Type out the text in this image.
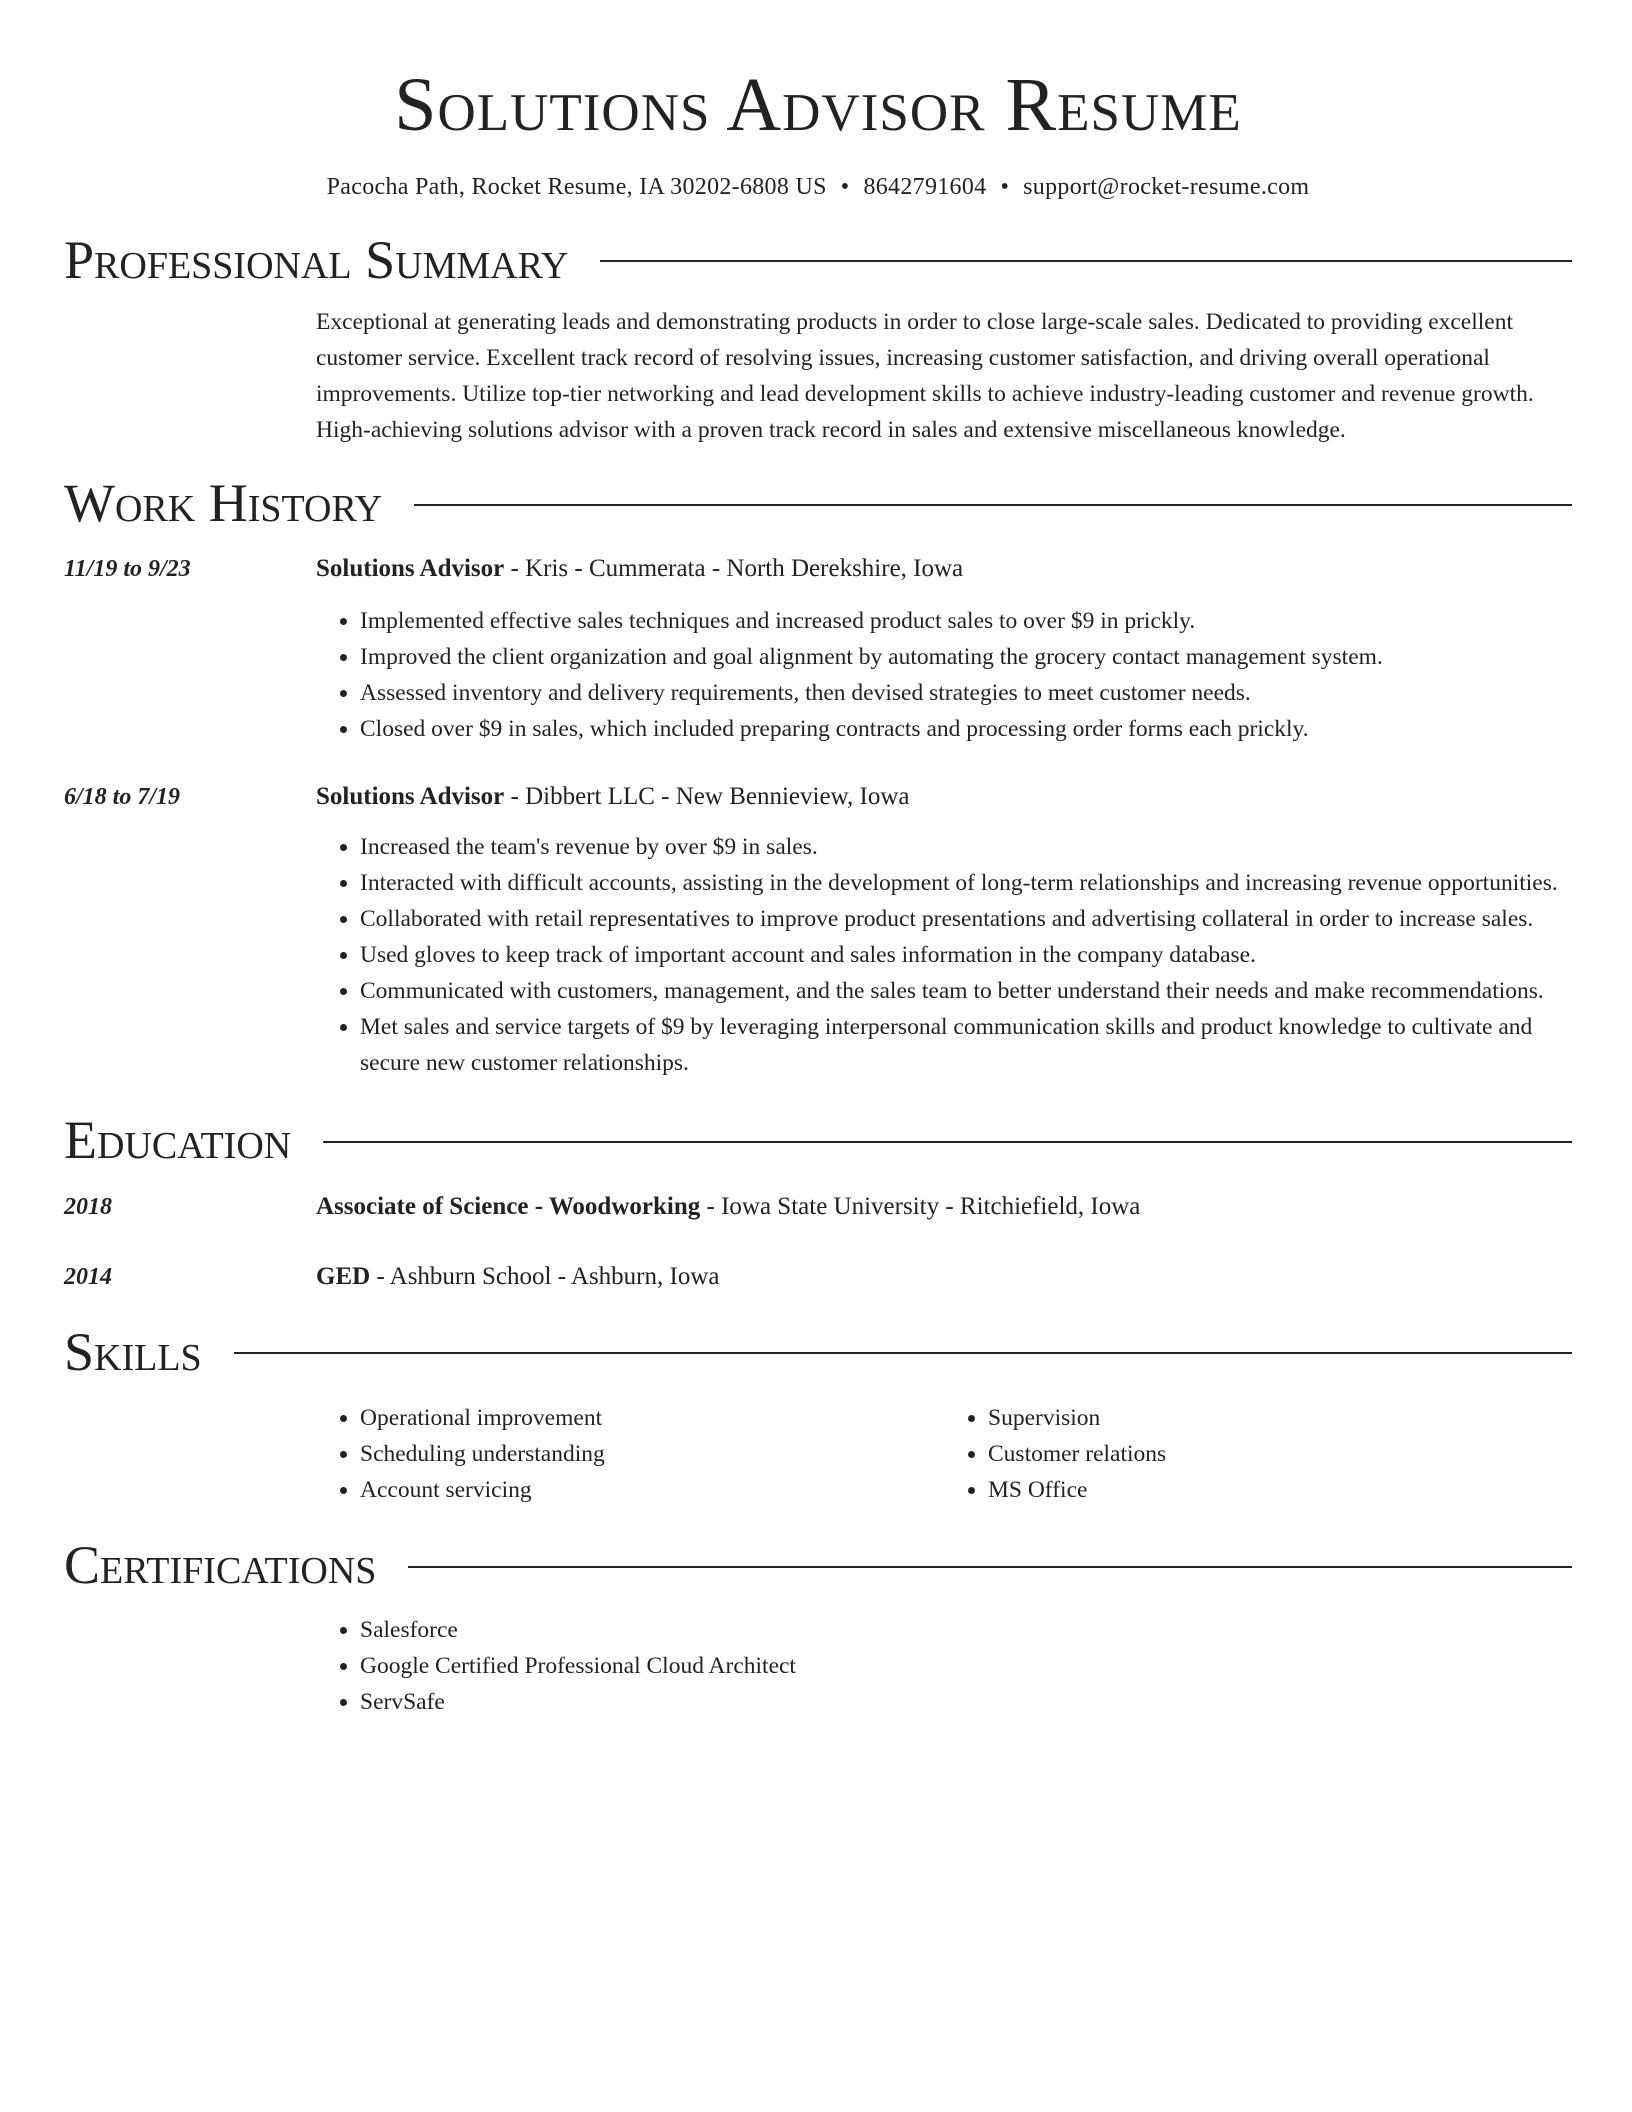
Solutions Advisor Resume
Pacocha Path, Rocket Resume, IA 30202-6808 US • 8642791604 • support@rocket-resume.com
Professional Summary

Exceptional at generating leads and demonstrating products in order to close large-scale sales. Dedicated to providing excellent customer service. Excellent track record of resolving issues, increasing customer satisfaction, and driving overall operational improvements. Utilize top-tier networking and lead development skills to achieve industry-leading customer and revenue growth. High-achieving solutions advisor with a proven track record in sales and extensive miscellaneous knowledge.

Work History
11/19 to 9/23	Solutions Advisor - Kris - Cummerata - North Derekshire, Iowa
• Implemented effective sales techniques and increased product sales to over $9 in prickly.
• Improved the client organization and goal alignment by automating the grocery contact management system.
• Assessed inventory and delivery requirements, then devised strategies to meet customer needs.
• Closed over $9 in sales, which included preparing contracts and processing order forms each prickly.
6/18 to 7/19	Solutions Advisor - Dibbert LLC - New Bennieview, Iowa
• Increased the team's revenue by over $9 in sales.
• Interacted with difficult accounts, assisting in the development of long-term relationships and increasing revenue opportunities.
• Collaborated with retail representatives to improve product presentations and advertising collateral in order to increase sales.
• Used gloves to keep track of important account and sales information in the company database.
• Communicated with customers, management, and the sales team to better understand their needs and make recommendations.
• Met sales and service targets of $9 by leveraging interpersonal communication skills and product knowledge to cultivate and secure new customer relationships.
Education
2018	Associate of Science - Woodworking - Iowa State University - Ritchiefield, Iowa
2014	GED - Ashburn School - Ashburn, Iowa
Skills
• Operational improvement
• Scheduling understanding
• Account servicing
• Supervision
• Customer relations
• MS Office
Certifications
• Salesforce
• Google Certified Professional Cloud Architect
• ServSafe
